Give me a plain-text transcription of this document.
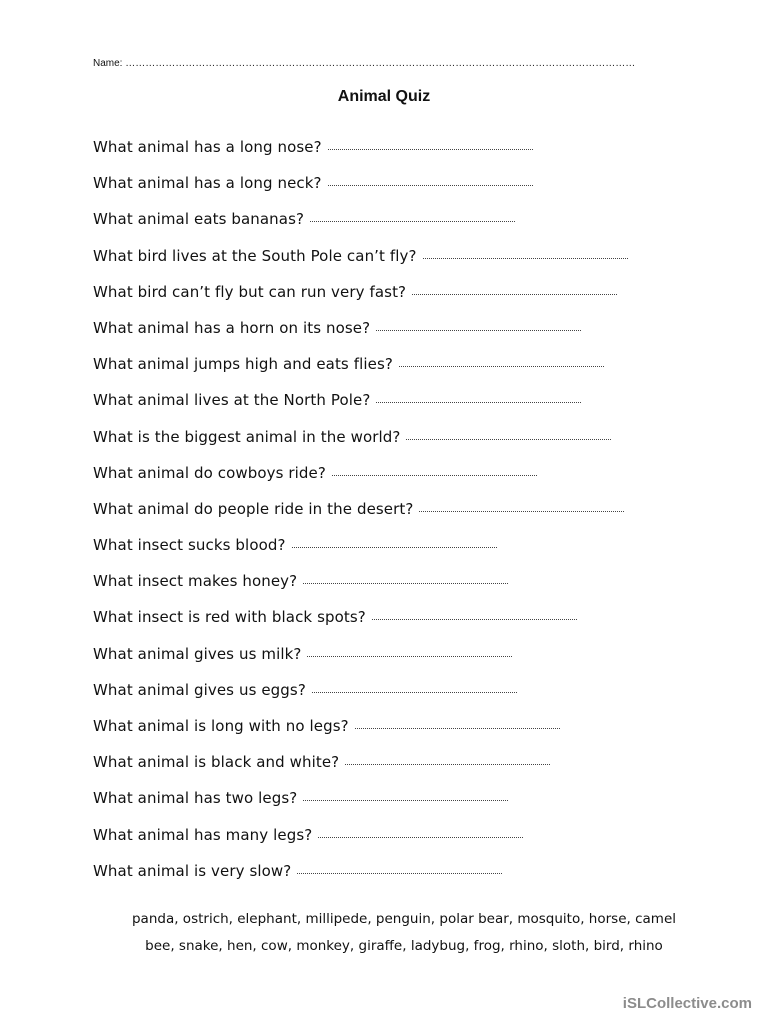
Name: ………………………………………………………………………………………………………………………………………
Animal Quiz
What animal has a long nose?
What animal has a long neck?
What animal eats bananas?
What bird lives at the South Pole can’t fly?
What bird can’t fly but can run very fast?
What animal has a horn on its nose?
What animal jumps high and eats flies?
What animal lives at the North Pole?
What is the biggest animal in the world?
What animal do cowboys ride?
What animal do people ride in the desert?
What insect sucks blood?
What insect makes honey?
What insect is red with black spots?
What animal gives us milk?
What animal gives us eggs?
What animal is long with no legs?
What animal is black and white?
What animal has two legs?
What animal has many legs?
What animal is very slow?
panda, ostrich, elephant, millipede, penguin, polar bear, mosquito, horse, camel
bee, snake, hen, cow, monkey, giraffe, ladybug, frog, rhino, sloth, bird, rhino
iSLCollective.com
